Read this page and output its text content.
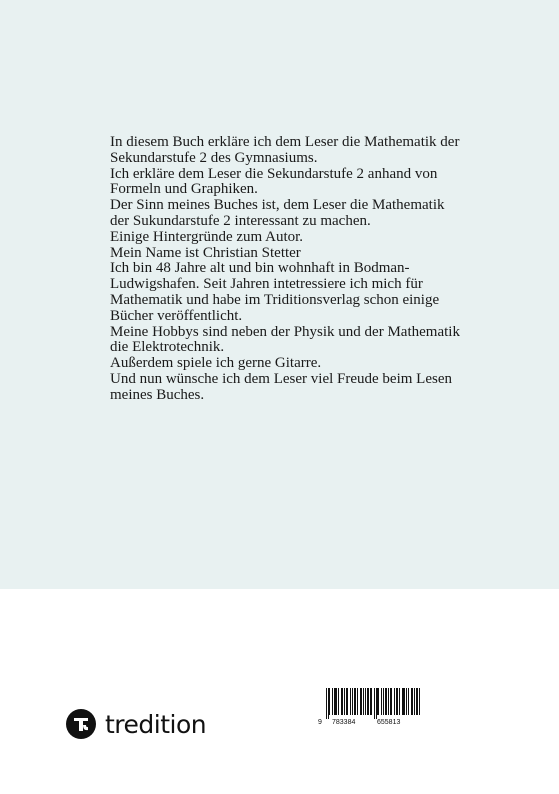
In diesem Buch erkläre ich dem Leser die Mathematik der Sekundarstufe 2 des Gymnasiums.

Ich erkläre dem Leser die Sekundarstufe 2 anhand von Formeln und Graphiken.

Der Sinn meines Buches ist, dem Leser die Mathematik der Sukundarstufe 2 interessant zu machen.

Einige Hintergründe zum Autor.

Mein Name ist Christian Stetter

Ich bin 48 Jahre alt und bin wohnhaft in Bodman-Ludwigshafen. Seit Jahren intetressiere ich mich für Mathematik und habe im Triditionsverlag schon einige Bücher veröffentlicht.

Meine Hobbys sind neben der Physik und der Mathematik die Elektrotechnik.

Außerdem spiele ich gerne Gitarre.

Und nun wünsche ich dem Leser viel Freude beim Lesen meines Buches.

tredition	9 783384	655813
